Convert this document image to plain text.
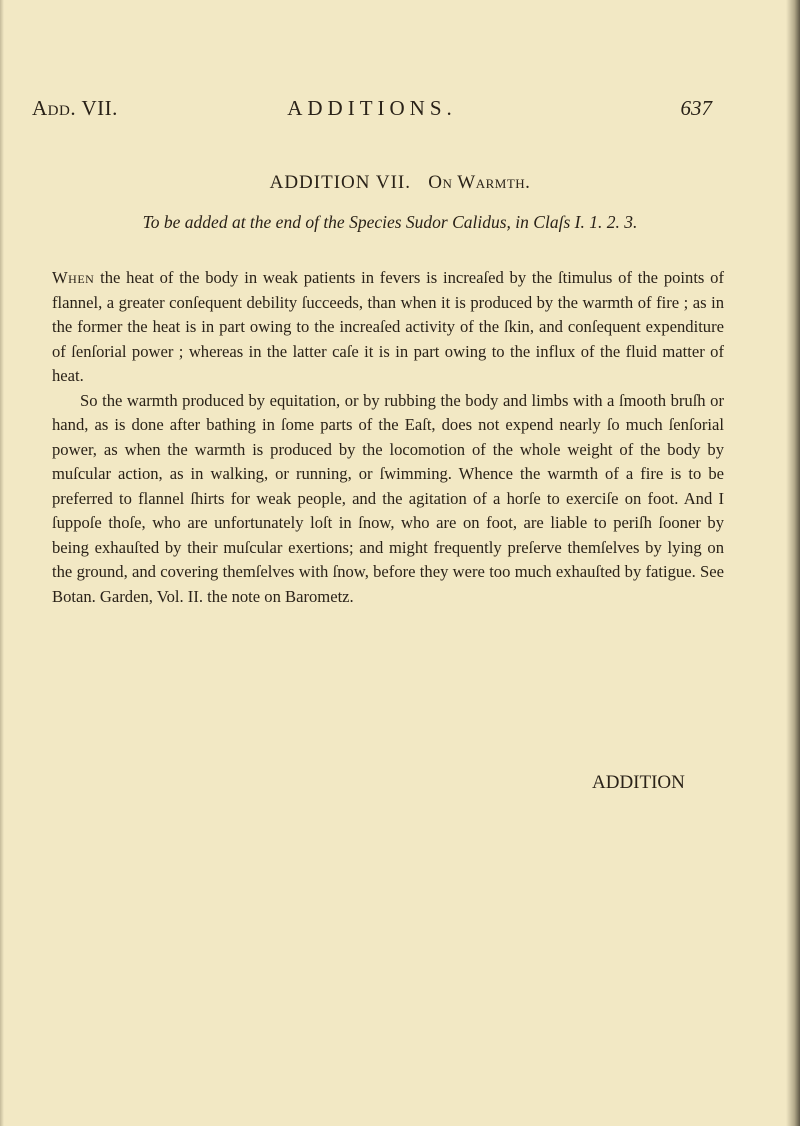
Add. VII.	ADDITIONS.	637
ADDITION VII. On Warmth.
To be added at the end of the Species Sudor Calidus, in Claſs I. 1. 2. 3.

When the heat of the body in weak patients in fevers is increaſed by the ſtimulus of the points of flannel, a greater conſequent debility ſucceeds, than when it is produced by the warmth of fire ; as in the former the heat is in part owing to the increaſed activity of the ſkin, and conſequent expenditure of ſenſorial power ; whereas in the latter caſe it is in part owing to the influx of the fluid matter of heat.

So the warmth produced by equitation, or by rubbing the body and limbs with a ſmooth bruſh or hand, as is done after bathing in ſome parts of the Eaſt, does not expend nearly ſo much ſenſorial power, as when the warmth is produced by the locomotion of the whole weight of the body by muſcular action, as in walking, or running, or ſwimming. Whence the warmth of a fire is to be preferred to flannel ſhirts for weak people, and the agitation of a horſe to exerciſe on foot. And I ſuppoſe thoſe, who are unfortunately loſt in ſnow, who are on foot, are liable to periſh ſooner by being exhauſted by their muſcular exertions; and might frequently preſerve themſelves by lying on the ground, and covering themſelves with ſnow, before they were too much exhauſted by fatigue. See Botan. Garden, Vol. II. the note on Barometz.

ADDITION
